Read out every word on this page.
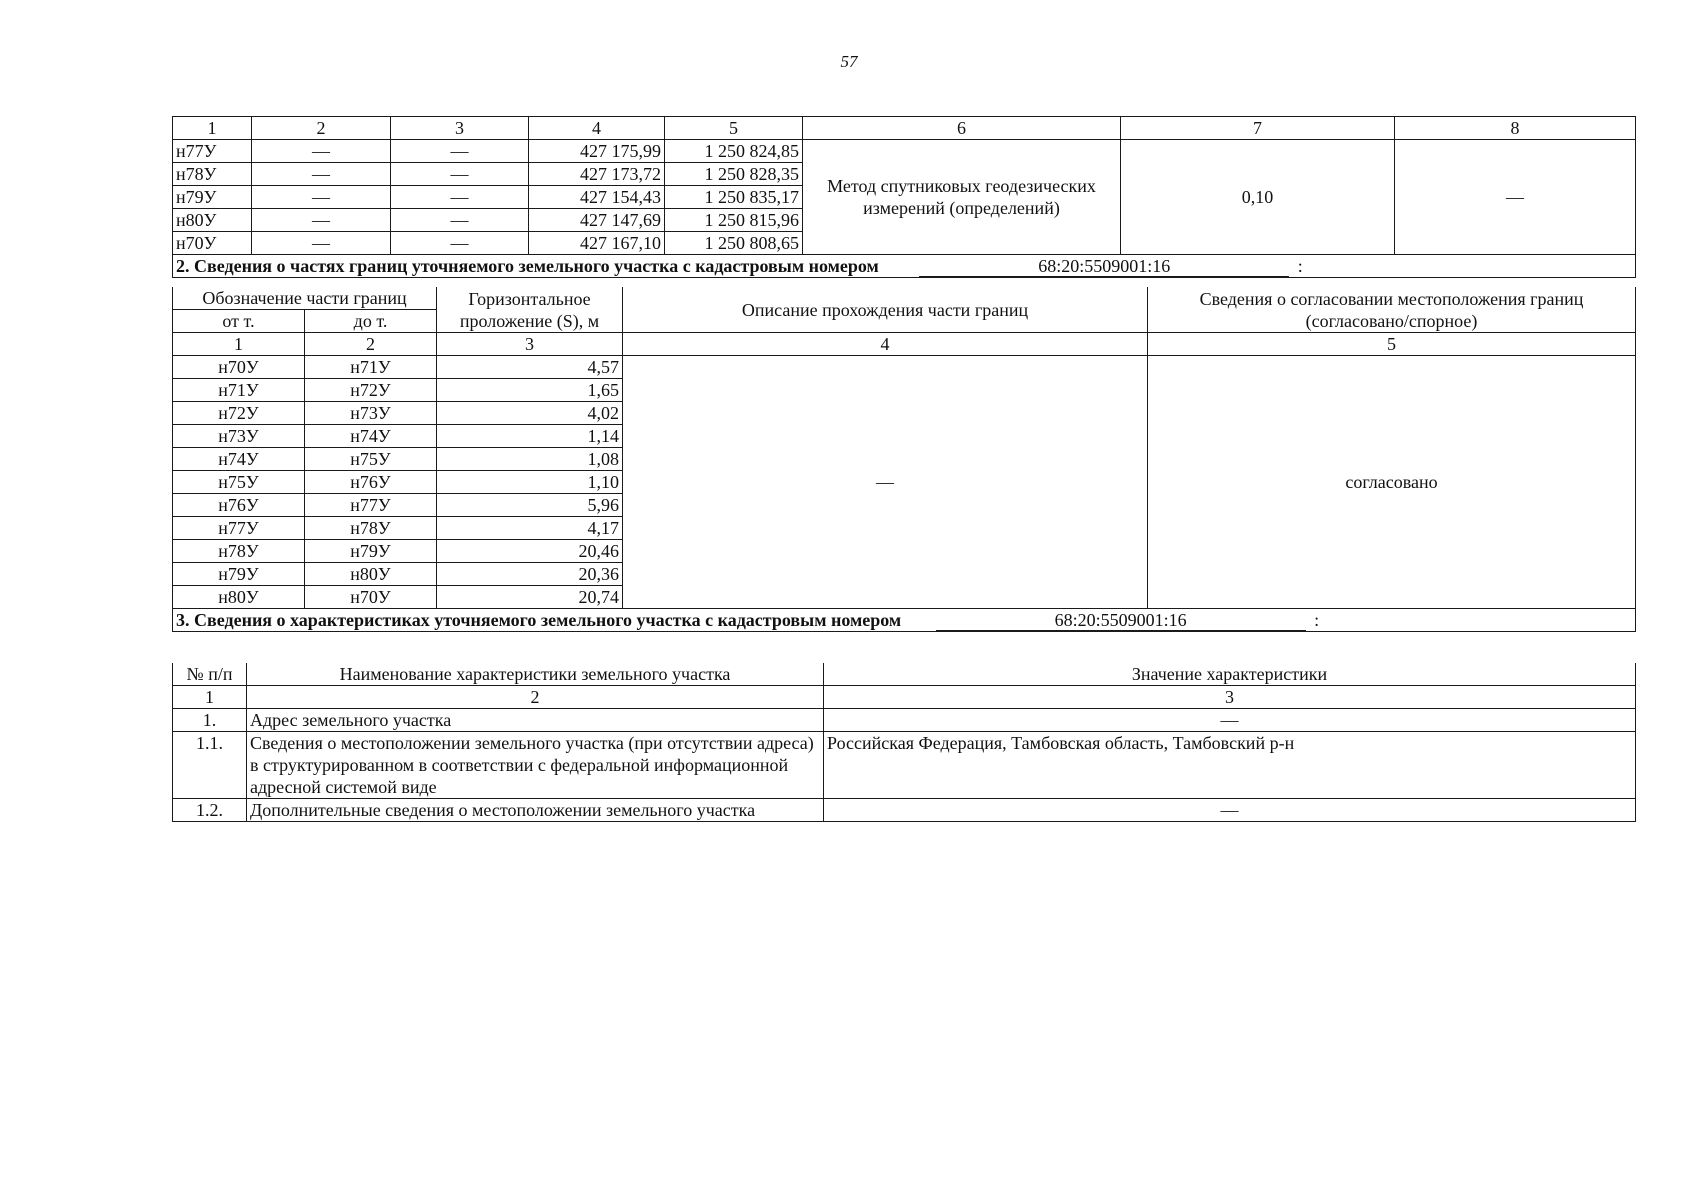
57
1	2	3	4	5	6	7	8
н77У	—	—	427 175,99	1 250 824,85	Метод спутниковых геодезических измерений (определений)	0,10	—
н78У	—	—	427 173,72	1 250 828,35			
н79У	—	—	427 154,43	1 250 835,17			
н80У	—	—	427 147,69	1 250 815,96			
н70У	—	—	427 167,10	1 250 808,65			
2. Сведения о частях границ уточняемого земельного участка с кадастровым номером 68:20:5509001:16 :							
Обозначение части границ		Горизонтальное проложение (S), м	Описание прохождения части границ	Сведения о согласовании местоположения границ (согласовано/спорное)
от т.	до т.			
1	2	3	4	5
н70У	н71У	4,57	—	согласовано
н71У	н72У	1,65		
н72У	н73У	4,02		
н73У	н74У	1,14		
н74У	н75У	1,08		
н75У	н76У	1,10		
н76У	н77У	5,96		
н77У	н78У	4,17		
н78У	н79У	20,46		
н79У	н80У	20,36		
н80У	н70У	20,74		
3. Сведения о характеристиках уточняемого земельного участка с кадастровым номером 68:20:5509001:16 :				
№ п/п	Наименование характеристики земельного участка	Значение характеристики
1	2	3
1.	Адрес земельного участка	—
1.1.	Сведения о местоположении земельного участка (при отсутствии адреса) в структурированном в соответствии с федеральной информационной адресной системой виде	Российская Федерация, Тамбовская область, Тамбовский р-н
1.2.	Дополнительные сведения о местоположении земельного участка	—
